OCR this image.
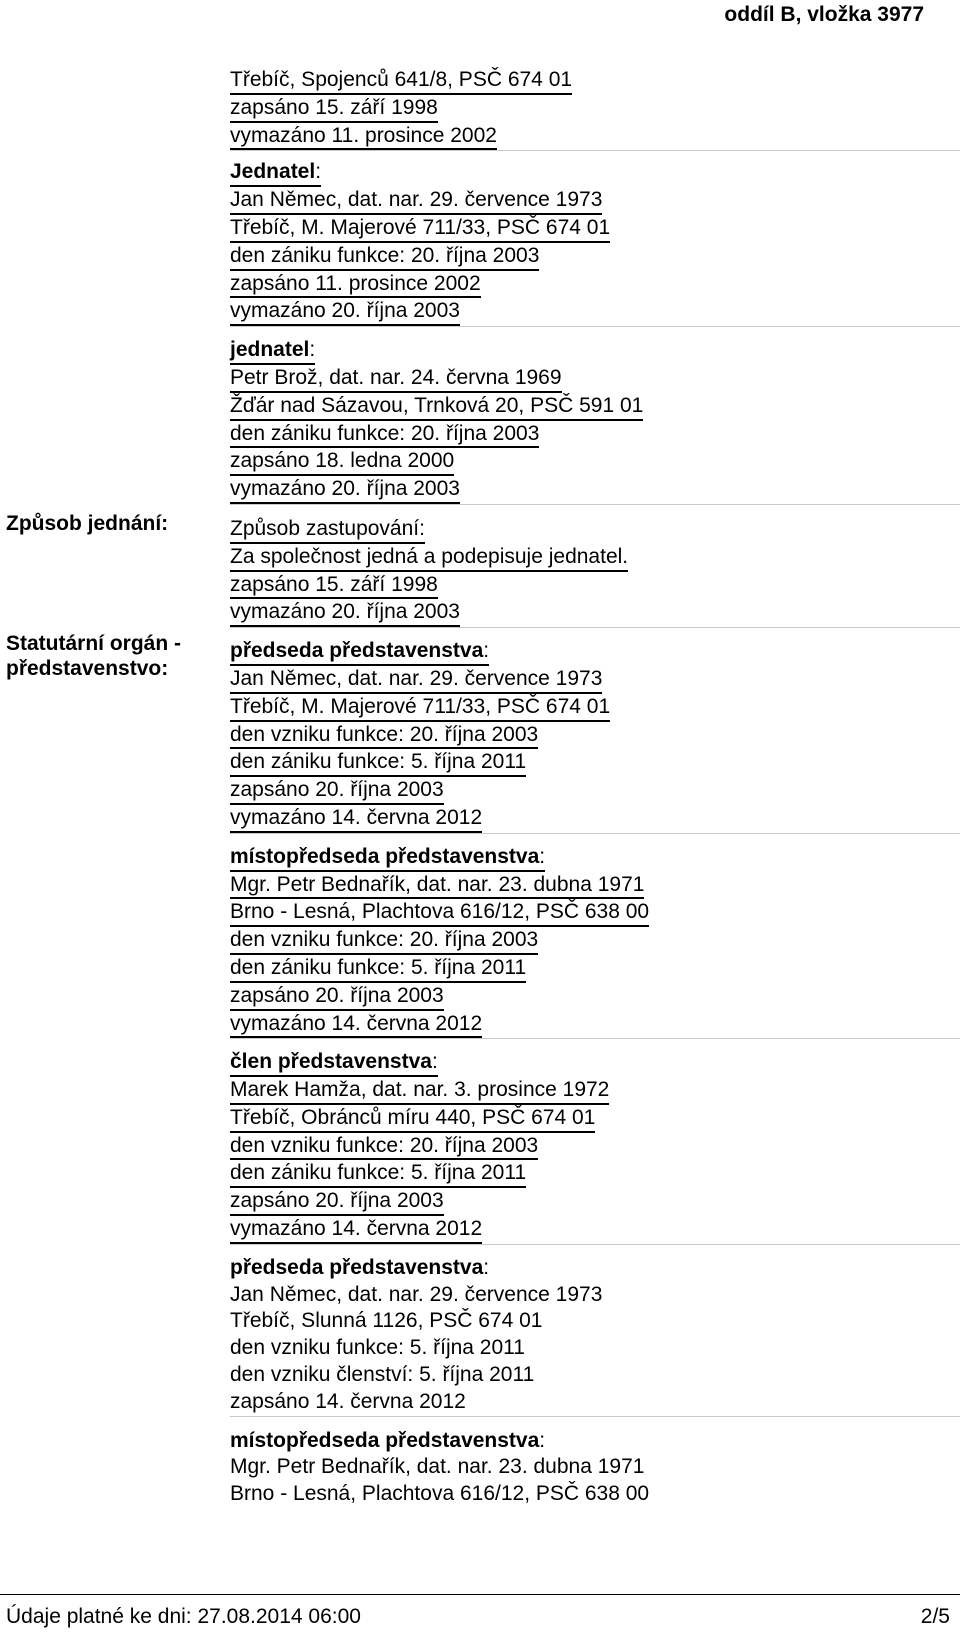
oddíl B, vložka 3977
Způsob jednání:
Statutární orgán -
představenstvo:
Třebíč, Spojenců 641/8, PSČ 674 01
zapsáno 15. září 1998
vymazáno 11. prosince 2002
Jednatel:
Jan Němec, dat. nar. 29. července 1973
Třebíč, M. Majerové 711/33, PSČ 674 01
den zániku funkce: 20. října 2003
zapsáno 11. prosince 2002
vymazáno 20. října 2003
jednatel:
Petr Brož, dat. nar. 24. června 1969
Žďár nad Sázavou, Trnková 20, PSČ 591 01
den zániku funkce: 20. října 2003
zapsáno 18. ledna 2000
vymazáno 20. října 2003
Způsob zastupování:
Za společnost jedná a podepisuje jednatel.
zapsáno 15. září 1998
vymazáno 20. října 2003
předseda představenstva:
Jan Němec, dat. nar. 29. července 1973
Třebíč, M. Majerové 711/33, PSČ 674 01
den vzniku funkce: 20. října 2003
den zániku funkce: 5. října 2011
zapsáno 20. října 2003
vymazáno 14. června 2012
místopředseda představenstva:
Mgr. Petr Bednařík, dat. nar. 23. dubna 1971
Brno - Lesná, Plachtova 616/12, PSČ 638 00
den vzniku funkce: 20. října 2003
den zániku funkce: 5. října 2011
zapsáno 20. října 2003
vymazáno 14. června 2012
člen představenstva:
Marek Hamža, dat. nar. 3. prosince 1972
Třebíč, Obránců míru 440, PSČ 674 01
den vzniku funkce: 20. října 2003
den zániku funkce: 5. října 2011
zapsáno 20. října 2003
vymazáno 14. června 2012
předseda představenstva:
Jan Němec, dat. nar. 29. července 1973
Třebíč, Slunná 1126, PSČ 674 01
den vzniku funkce: 5. října 2011
den vzniku členství: 5. října 2011
zapsáno 14. června 2012
místopředseda představenstva:
Mgr. Petr Bednařík, dat. nar. 23. dubna 1971
Brno - Lesná, Plachtova 616/12, PSČ 638 00
Údaje platné ke dni: 27.08.2014 06:00	2/5
